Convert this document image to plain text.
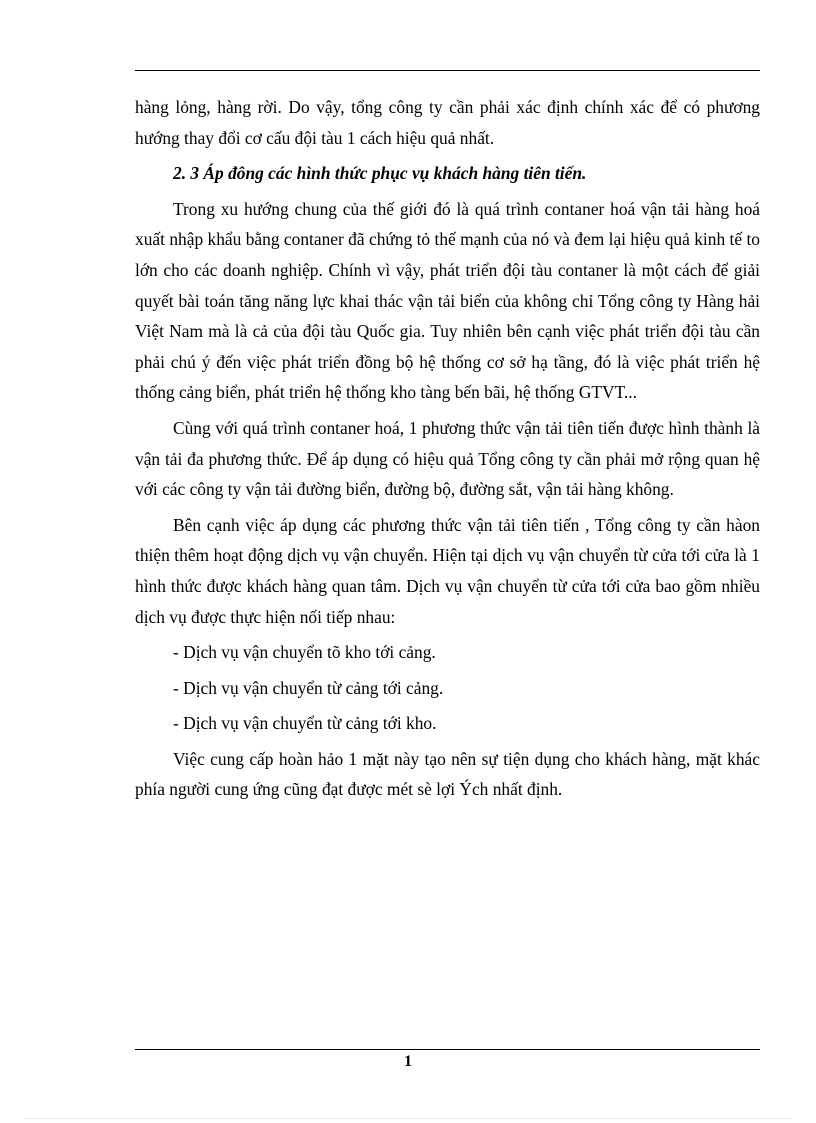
hàng lỏng, hàng rời. Do vậy, tổng công ty cần phải xác định chính xác để có phương hướng thay đổi cơ cấu đội tàu 1 cách hiệu quả nhất.

2. 3 Áp đông các hình thức phục vụ khách hàng tiên tiến.

Trong xu hướng chung của thế giới đó là quá trình contaner hoá vận tải hàng hoá xuất nhập khẩu bằng contaner đã chứng tỏ thế mạnh của nó và đem lại hiệu quả kinh tế to lớn cho các doanh nghiệp. Chính vì vậy, phát triển đội tàu contaner là một cách để giải quyết bài toán tăng năng lực khai thác vận tải biển của không chỉ Tổng công ty Hàng hải Việt Nam mà là cả của đội tàu Quốc gia. Tuy nhiên bên cạnh việc phát triển đội tàu cần phải chú ý đến việc phát triển đồng bộ hệ thống cơ sở hạ tầng, đó là việc phát triển hệ thống cảng biển, phát triển hệ thống kho tàng bến bãi, hệ thống GTVT...

Cùng với quá trình contaner hoá, 1 phương thức vận tải tiên tiến được hình thành là vận tải đa phương thức. Để áp dụng có hiệu quả Tổng công ty cần phải mở rộng quan hệ với các công ty vận tải đường biển, đường bộ, đường sắt, vận tải hàng không.

Bên cạnh việc áp dụng các phương thức vận tải tiên tiến , Tổng công ty cần hàon thiện thêm hoạt động dịch vụ vận chuyển. Hiện tại dịch vụ vận chuyển từ cửa tới cửa là 1 hình thức được khách hàng quan tâm. Dịch vụ vận chuyển từ cửa tới cửa bao gồm nhiều dịch vụ được thực hiện nối tiếp nhau:

- Dịch vụ vận chuyển tõ kho tới cảng.

- Dịch vụ vận chuyển từ cảng tới cảng.

- Dịch vụ vận chuyển từ cảng tới kho.

Việc cung cấp hoàn hảo 1 mặt này tạo nên sự tiện dụng cho khách hàng, mặt khác phía người cung ứng cũng đạt được mét sè lợi Ých nhất định.

1
